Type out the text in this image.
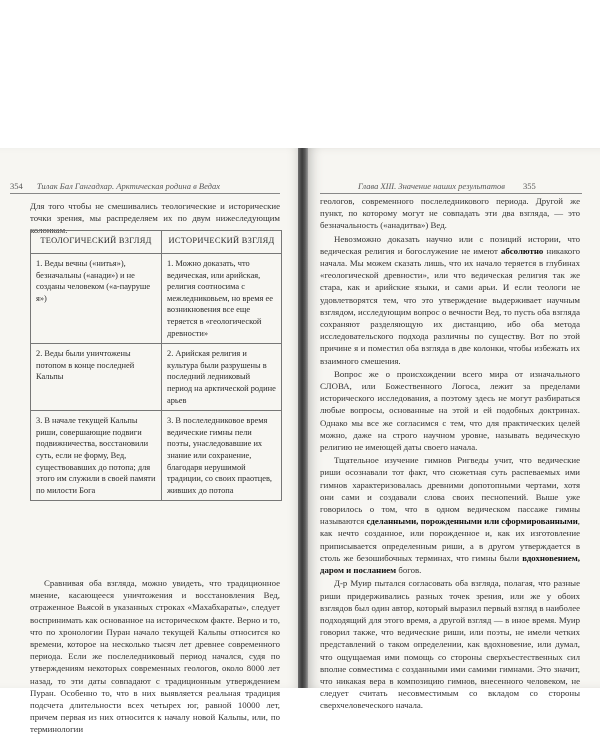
354 Тилак Бал Гангадхар. Арктическая родина в Ведах	Глава XIII. Значение наших результатов 355

Для того чтобы не смешивались теологические и исторические точки зрения, мы распределяем их по двум нижеследующим колонкам.

ТЕОЛОГИЧЕСКИЙ ВЗГЛЯД	ИСТОРИЧЕСКИЙ ВЗГЛЯД
1. Веды вечны («нитья»), безначальны («анади») и не созданы человеком («а-пауруше я»)	1. Можно доказать, что ведическая, или арийская, религия соотносима с межледниковьем, но время ее возникновения все еще теряется в «геологической древности»
2. Веды были уничтожены потопом в конце последней Кальпы	2. Арийская религия и культура были разрушены в последний ледниковый период на арктической родине арьев
3. В начале текущей Кальпы риши, совершающие подвиги подвижничества, восстановили суть, если не форму, Вед, существовавших до потопа; для этого им служили в своей памяти по милости Бога	3. В послеледниковое время ведические гимны пели поэты, унаследовавшие их знание или сохранение, благодаря нерушимой традиции, со своих праотцев, живших до потопа

Сравнивая оба взгляда, можно увидеть, что традиционное мнение, касающееся уничтожения и восстановления Вед, отраженное Вьясой в указанных строках «Махабхараты», следует воспринимать как основанное на историческом факте. Верно и то, что по хронологии Пуран начало текущей Кальпы относится ко времени, которое на несколько тысяч лет древнее современного периода. Если же послеледниковый период начался, судя по утверждениям некоторых современных геологов, около 8000 лет назад, то эти даты совпадают с традиционным утверждением Пуран. Особенно то, что в них выявляется реальная традиция подсчета длительности всех четырех юг, равной 10000 лет, причем первая из них относится к началу новой Кальпы, или, по терминологии

геологов, современного послеледникового периода. Другой же пункт, по которому могут не совпадать эти два взгляда, — это безначальность («анадитва») Вед.

Невозможно доказать научно или с позиций истории, что ведическая религия и богослужение не имеют абсолютно никакого начала. Мы можем сказать лишь, что их начало теряется в глубинах «геологической древности», или что ведическая религия так же стара, как и арийские языки, и сами арьи. И если теологи не удовлетворятся тем, что это утверждение выдерживает научным взглядом, исследующим вопрос о вечности Вед, то пусть оба взгляда сохраняют разделяющую их дистанцию, ибо оба метода исследовательского подхода различны по существу. Вот по этой причине я и поместил оба взгляда в две колонки, чтобы избежать их взаимного смешения.

Вопрос же о происхождении всего мира от изначального СЛОВА, или Божественного Логоса, лежит за пределами исторического исследования, а поэтому здесь не могут разбираться любые вопросы, основанные на этой и ей подобных доктринах. Однако мы все же согласимся с тем, что для практических целей можно, даже на строго научном уровне, называть ведическую религию не имеющей даты своего начала.

Тщательное изучение гимнов Ригведы учит, что ведические риши осознавали тот факт, что сюжетная суть распеваемых ими гимнов характеризовалась древними допотопными чертами, хотя они сами и создавали слова своих песнопений. Выше уже говорилось о том, что в одном ведическом пассаже гимны называются сделанными, порожденными или сформированными, как нечто созданное, или порожденное и, как их изготовление приписывается определенным риши, а в другом утверждается в столь же безошибочных терминах, что гимны были вдохновением, даром и посланием богов.

Д-р Муир пытался согласовать оба взгляда, полагая, что разные риши придерживались разных точек зрения, или же у обоих взглядов был один автор, который выразил первый взгляд в наиболее подходящий для этого время, а другой взгляд — в иное время. Муир говорил также, что ведические риши, или поэты, не имели четких представлений о таком определении, как вдохновение, или думал, что ощущаемая ими помощь со стороны сверхъестественных сил вполне совместима с созданными ими самими гимнами. Это значит, что никакая вера в композицию гимнов, внесенного человеком, не следует считать несовместимым со вкладом со стороны сверхчеловеческого начала.
